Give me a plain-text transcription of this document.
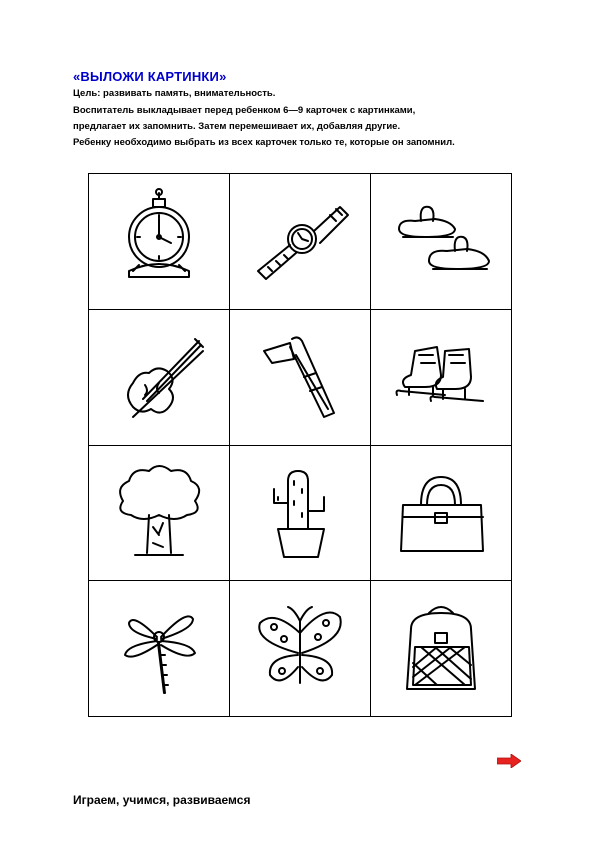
«ВЫЛОЖИ КАРТИНКИ»
Цель: развивать память, внимательность.
Воспитатель выкладывает перед ребенком 6—9 карточек с картинками,
предлагает их запомнить. Затем перемешивает их, добавляя другие.
Ребенку необходимо выбрать из всех карточек только те, которые он запомнил.
Играем, учимся, развиваемся
